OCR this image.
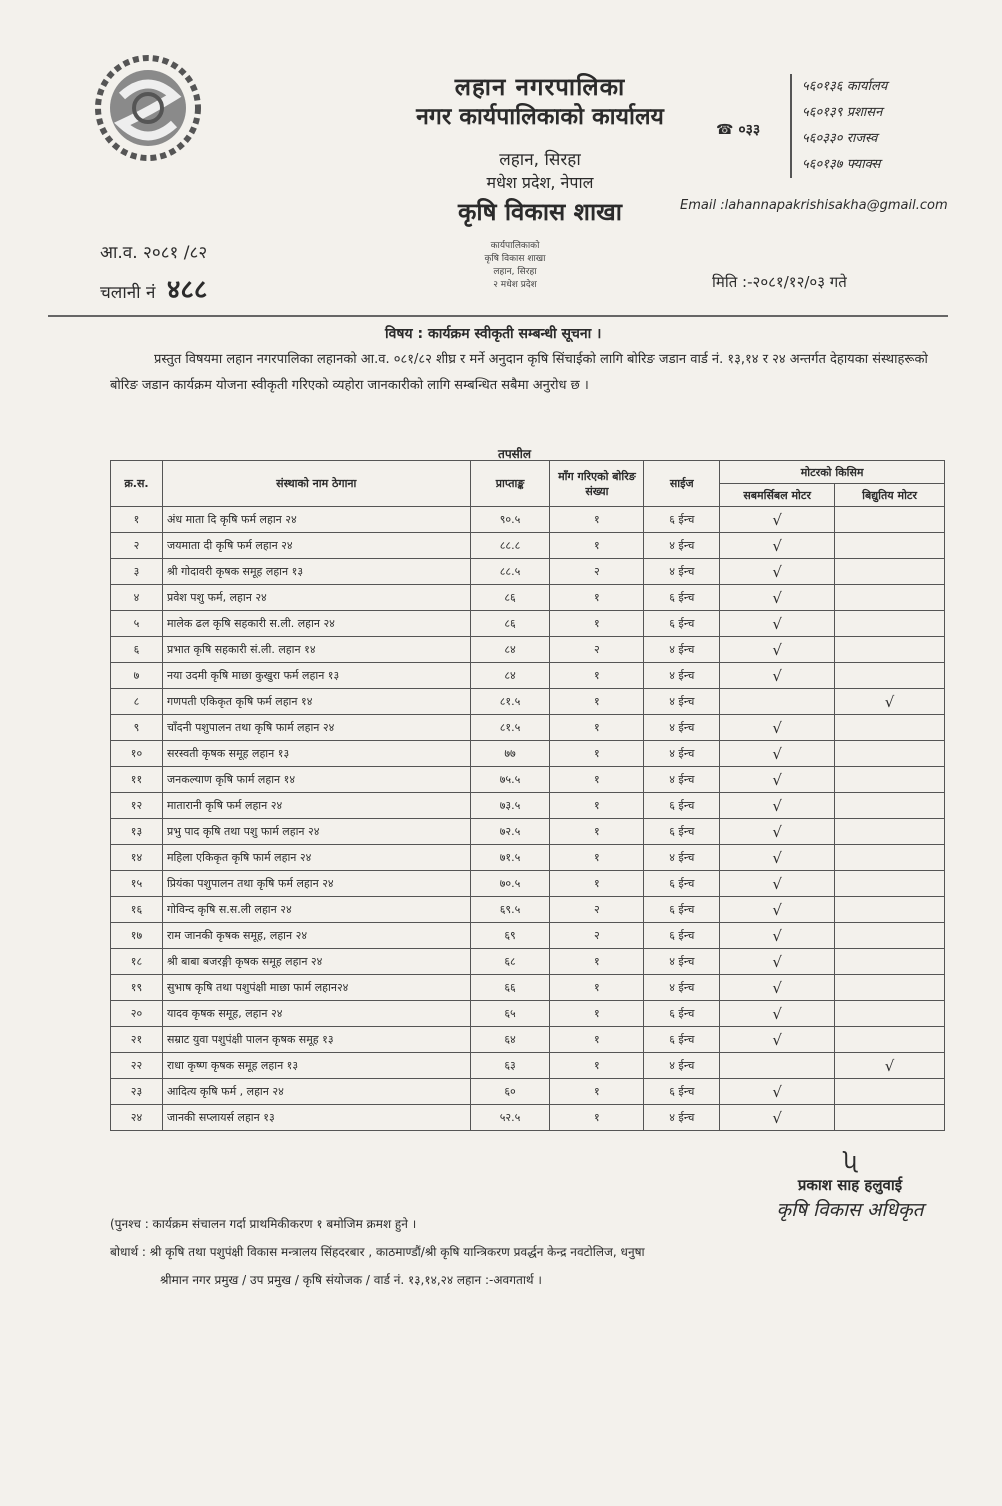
लहान नगरपालिका
नगर कार्यपालिकाको कार्यालय
लहान, सिरहा
मधेश प्रदेश, नेपाल
कृषि विकास शाखा
☎ ०३३
५६०१३६ कार्यालय
५६०१३९ प्रशासन
५६०३३० राजस्व
५६०१३७ फ्याक्स
Email :lahannapakrishisakha@gmail.com
कार्यपालिकाको
कृषि विकास शाखा
लहान, सिरहा
२ मधेश प्रदेश
आ.व. २०८१ /८२
चलानी नं ४८८	मिति :-२०८१/१२/०३ गते
विषय : कार्यक्रम स्वीकृती सम्बन्धी सूचना ।
प्रस्तुत विषयमा लहान नगरपालिका लहानको आ.व. ०८१/८२ शीघ्र र मर्ने अनुदान कृषि सिंचाईको लागि बोरिङ जडान वार्ड नं. १३,१४ र २४ अन्तर्गत देहायका संस्थाहरूको बोरिङ जडान कार्यक्रम योजना स्वीकृती गरिएको व्यहोरा जानकारीको लागि सम्बन्धित सबैमा अनुरोध छ ।
तपसील
क्र.स.	संस्थाको नाम ठेगाना	प्राप्ताङ्क	माँग गरिएको बोरिङ संख्या	साईज	मोटरको किसिम	
					सबमर्सिबल मोटर	बिद्युतिय मोटर
१	अंध माता दि कृषि फर्म लहान २४	९०.५	१	६ ईन्च	√	
२	जयमाता दी कृषि फर्म लहान २४	८८.८	१	४ ईन्च	√	
३	श्री गोदावरी कृषक समूह लहान १३	८८.५	२	४ ईन्च	√	
४	प्रवेश पशु फर्म, लहान २४	८६	१	६ ईन्च	√	
५	मालेक ढल कृषि सहकारी स.ली. लहान २४	८६	१	६ ईन्च	√	
६	प्रभात कृषि सहकारी सं.ली. लहान १४	८४	२	४ ईन्च	√	
७	नया उदमी कृषि माछा कुखुरा फर्म लहान १३	८४	१	४ ईन्च	√	
८	गणपती एकिकृत कृषि फर्म लहान १४	८१.५	१	४ ईन्च		√
९	चाँदनी पशुपालन तथा कृषि फार्म लहान २४	८१.५	१	४ ईन्च	√	
१०	सरस्वती कृषक समूह लहान १३	७७	१	४ ईन्च	√	
११	जनकल्याण कृषि फार्म लहान १४	७५.५	१	४ ईन्च	√	
१२	मातारानी कृषि फर्म लहान २४	७३.५	१	६ ईन्च	√	
१३	प्रभु पाद कृषि तथा पशु फार्म लहान २४	७२.५	१	६ ईन्च	√	
१४	महिला एकिकृत कृषि फार्म लहान २४	७१.५	१	४ ईन्च	√	
१५	प्रियंका पशुपालन तथा कृषि फर्म लहान २४	७०.५	१	६ ईन्च	√	
१६	गोविन्द कृषि स.स.ली लहान २४	६९.५	२	६ ईन्च	√	
१७	राम जानकी कृषक समूह, लहान २४	६९	२	६ ईन्च	√	
१८	श्री बाबा बजरङ्गी कृषक समूह लहान २४	६८	१	४ ईन्च	√	
१९	सुभाष कृषि तथा पशुपंक्षी माछा फार्म लहान२४	६६	१	४ ईन्च	√	
२०	यादव कृषक समूह, लहान २४	६५	१	६ ईन्च	√	
२१	सम्राट युवा पशुपंक्षी पालन कृषक समूह १३	६४	१	६ ईन्च	√	
२२	राधा कृष्ण कृषक समूह लहान १३	६३	१	४ ईन्च		√
२३	आदित्य कृषि फर्म , लहान २४	६०	१	६ ईन्च	√	
२४	जानकी सप्लायर्स लहान १३	५२.५	१	४ ईन्च	√	
ʯ
प्रकाश साह हलुवाई
कृषि विकास अधिकृत
(पुनश्च : कार्यक्रम संचालन गर्दा प्राथमिकीकरण १ बमोजिम क्रमश हुने ।
बोधार्थ : श्री कृषि तथा पशुपंक्षी विकास मन्त्रालय सिंहदरबार , काठमाण्डौं/श्री कृषि यान्त्रिकरण प्रवर्द्धन केन्द्र नवटोलिज, धनुषा
श्रीमान नगर प्रमुख / उप प्रमुख / कृषि संयोजक / वार्ड नं. १३,१४,२४ लहान :-अवगतार्थ ।
